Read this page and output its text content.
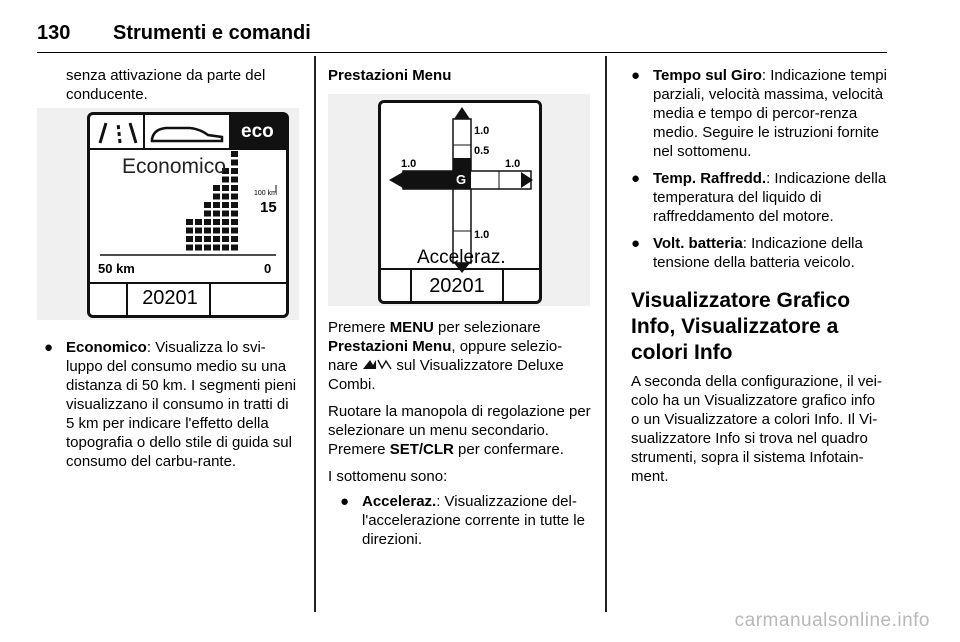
130 Strumenti e comandi

senza attivazione da parte del conducente.

eco
Economico
100 km
15
50 km	0
20201
● Economico: Visualizza lo svi-luppo del consumo medio su una distanza di 50 km. I segmenti pieni visualizzano il consumo in tratti di 5 km per indicare l'effetto della topografia o dello stile di guida sul consumo del carbu-rante.
Prestazioni Menu
1.0
0.5
1.0	1.0
1.0
G
Acceleraz.
20201

Premere MENU per selezionare Prestazioni Menu, oppure selezio-nare  sul Visualizzatore Deluxe Combi.

Ruotare la manopola di regolazione per selezionare un menu secondario. Premere SET/CLR per confermare.

I sottomenu sono:

● Acceleraz.: Visualizzazione del-l'accelerazione corrente in tutte le direzioni.
● Tempo sul Giro: Indicazione tempi parziali, velocità massima, velocità media e tempo di percor-renza medio. Seguire le istruzioni fornite nel sottomenu.
● Temp. Raffredd.: Indicazione della temperatura del liquido di raffreddamento del motore.
● Volt. batteria: Indicazione della tensione della batteria veicolo.
Visualizzatore Grafico Info, Visualizzatore a colori Info

A seconda della configurazione, il vei-colo ha un Visualizzatore grafico info o un Visualizzatore a colori Info. Il Vi-sualizzatore Info si trova nel quadro strumenti, sopra il sistema Infotain-ment.

carmanualsonline.info
